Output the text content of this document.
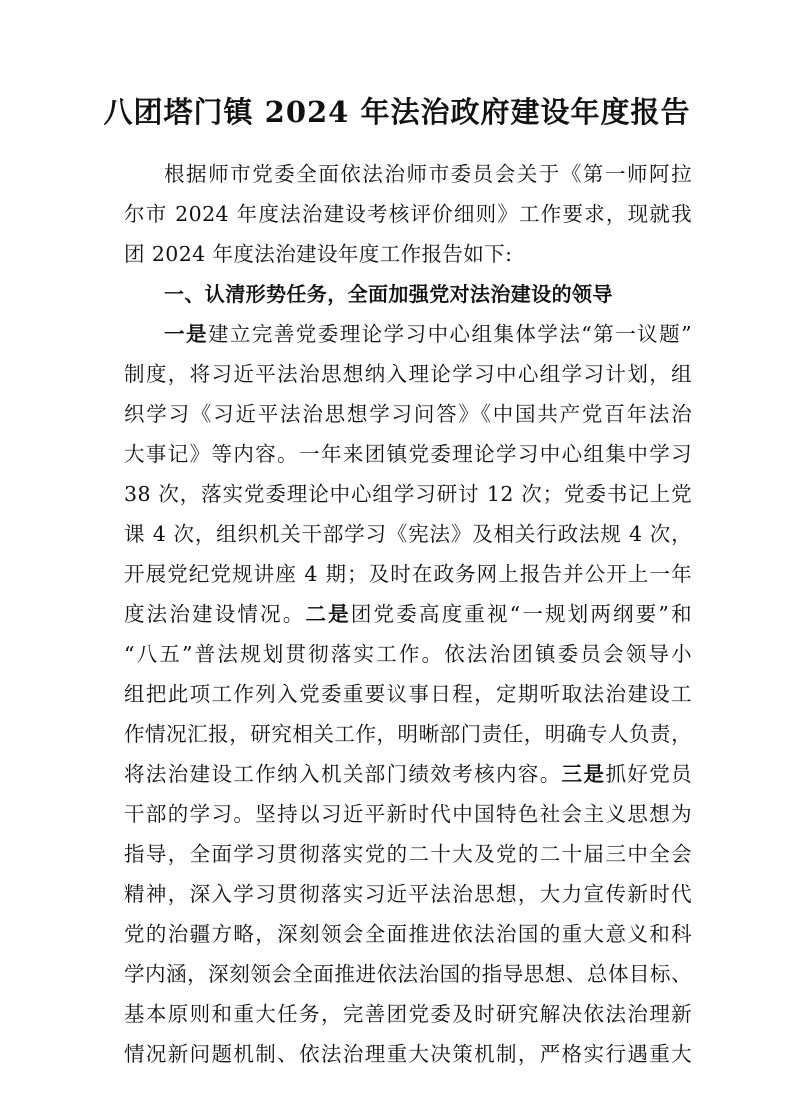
八团塔门镇 2024 年法治政府建设年度报告
根据师市党委全面依法治师市委员会关于《第一师阿拉
尔市 2024 年度法治建设考核评价细则》工作要求，现就我
团 2024 年度法治建设年度工作报告如下:
一、认清形势任务，全面加强党对法治建设的领导
一是建立完善党委理论学习中心组集体学法“第一议题”
制度，将习近平法治思想纳入理论学习中心组学习计划，组
织学习《习近平法治思想学习问答》《中国共产党百年法治
大事记》等内容。一年来团镇党委理论学习中心组集中学习
38 次，落实党委理论中心组学习研讨 12 次；党委书记上党
课 4 次，组织机关干部学习《宪法》及相关行政法规 4 次，
开展党纪党规讲座 4 期；及时在政务网上报告并公开上一年
度法治建设情况。二是团党委高度重视“一规划两纲要”和
“八五”普法规划贯彻落实工作。依法治团镇委员会领导小
组把此项工作列入党委重要议事日程，定期听取法治建设工
作情况汇报，研究相关工作，明晰部门责任，明确专人负责，
将法治建设工作纳入机关部门绩效考核内容。三是抓好党员
干部的学习。坚持以习近平新时代中国特色社会主义思想为
指导，全面学习贯彻落实党的二十大及党的二十届三中全会
精神，深入学习贯彻落实习近平法治思想，大力宣传新时代
党的治疆方略，深刻领会全面推进依法治国的重大意义和科
学内涵，深刻领会全面推进依法治国的指导思想、总体目标、
基本原则和重大任务，完善团党委及时研究解决依法治理新
情况新问题机制、依法治理重大决策机制，严格实行遇重大
